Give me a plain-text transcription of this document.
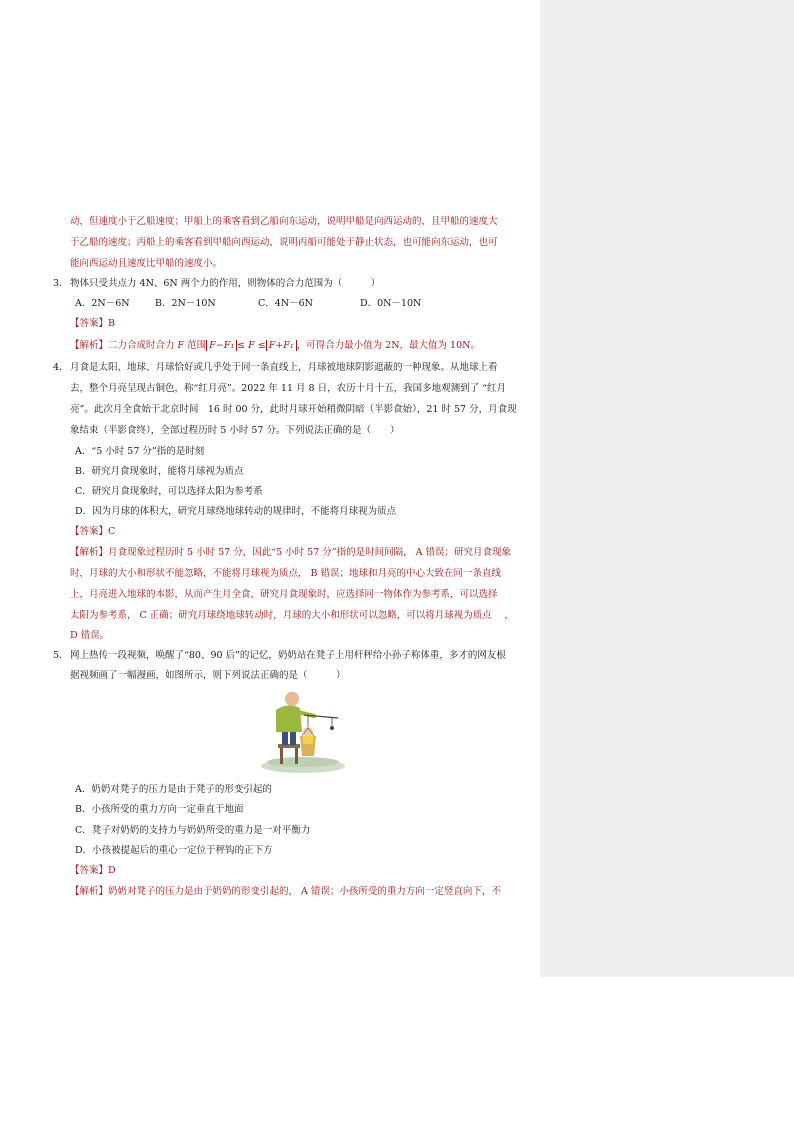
动，但速度小于乙船速度；甲船上的乘客看到乙船向东运动，说明甲船是向西运动的，且甲船的速度大
于乙船的速度；丙船上的乘客看到甲船向西运动，说明丙船可能处于静止状态，也可能向东运动，也可
能向西运动且速度比甲船的速度小。
3． 物体只受共点力 4N、6N 两个力的作用，则物体的合力范围为（　　　）
A．2N－6N	B．2N－10N	C．4N－6N	D．0N－10N
【答案】B
【解析】二力合成时合力 F 范围 F−F₁ ≤ F ≤ F+F₁ ，可得合力最小值为 2N，最大值为 10N。
4． 月食是太阳、地球、月球恰好或几乎处于同一条直线上，月球被地球阴影遮蔽的一种现象。从地球上看
去，整个月亮呈现古铜色，称“红月亮”。2022 年 11 月 8 日，农历十月十五，我国多地观测到了 “红月
亮”。此次月全食始于北京时间　16 时 00 分，此时月球开始稍微阴暗（半影食始），21 时 57 分，月食现
象结束（半影食终），全部过程历时 5 小时 57 分。下列说法正确的是（　　）
A．“5 小时 57 分”指的是时刻
B．研究月食现象时，能将月球视为质点
C．研究月食现象时，可以选择太阳为参考系
D．因为月球的体积大，研究月球绕地球转动的规律时，不能将月球视为质点
【答案】C
【解析】月食现象过程历时 5 小时 57 分，因此“5 小时 57 分”指的是时间间隔， A 错误；研究月食现象
时，月球的大小和形状不能忽略，不能将月球视为质点， B 错误；地球和月亮的中心大致在同一条直线
上，月亮进入地球的本影，从而产生月全食，研究月食现象时，应选择同一物体作为参考系，可以选择
太阳为参考系， C 正确；研究月球绕地球转动时，月球的大小和形状可以忽略，可以将月球视为质点　 ，
D 错误。
5． 网上热传一段视频，唤醒了“80、90 后”的记忆，奶奶站在凳子上用杆秤给小孙子称体重，多才的网友根
据视频画了一幅漫画，如图所示，则下列说法正确的是（　　　）
A．奶奶对凳子的压力是由于凳子的形变引起的
B．小孩所受的重力方向一定垂直于地面
C．凳子对奶奶的支持力与奶奶所受的重力是一对平衡力
D．小孩被提起后的重心一定位于秤钩的正下方
【答案】D
【解析】奶奶对凳子的压力是由于奶奶的形变引起的， A 错误；小孩所受的重力方向一定竖直向下，不
